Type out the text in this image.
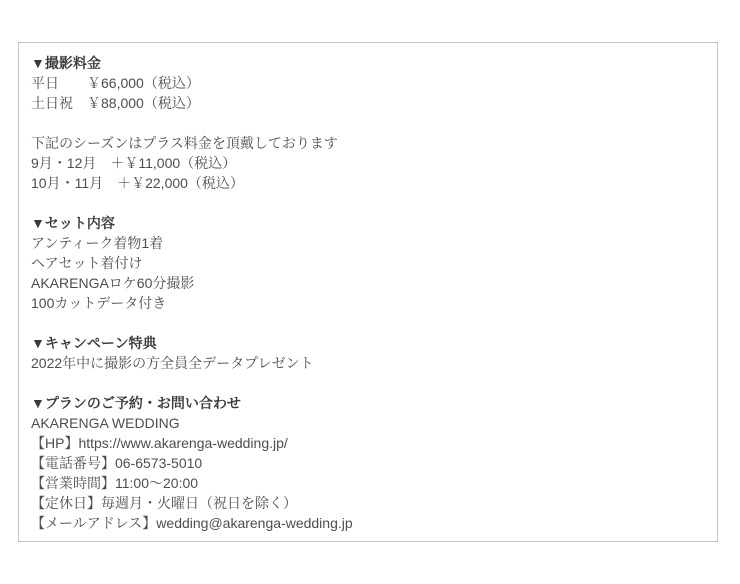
▼撮影料金
平日　　￥66,000（税込）
土日祝　￥88,000（税込）
下記のシーズンはプラス料金を頂戴しております
9月・12月　＋￥11,000（税込）
10月・11月　＋￥22,000（税込）
▼セット内容
アンティーク着物1着
ヘアセット着付け
AKARENGAロケ60分撮影
100カットデータ付き
▼キャンペーン特典
2022年中に撮影の方全員全データプレゼント
▼プランのご予約・お問い合わせ
AKARENGA WEDDING
【HP】https://www.akarenga-wedding.jp/
【電話番号】06-6573-5010
【営業時間】11:00〜20:00
【定休日】毎週月・火曜日（祝日を除く）
【メールアドレス】wedding@akarenga-wedding.jp
